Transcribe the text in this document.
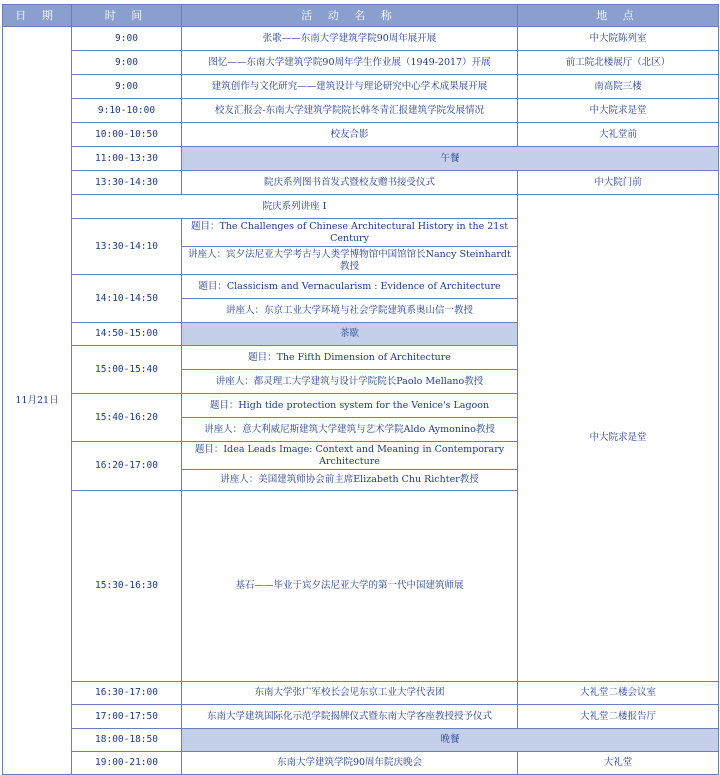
日 期	时 间	活 动 名 称	地 点	
11月21日	9:00	张歌——东南大学建筑学院90周年展开展	中大院陈列室	
	9:00	图忆——东南大学建筑学院90周年学生作业展（1949-2017）开展	前工院北楼展厅（北区）	
	9:00	建筑创作与文化研究——建筑设计与理论研究中心学术成果展开展	南高院三楼	
	9:10-10:00	校友汇报会-东南大学建筑学院院长韩冬青汇报建筑学院发展情况	中大院求是堂	
	10:00-10:50	校友合影	大礼堂前	
	11:00-13:30	午餐		
	13:30-14:30	院庆系列图书首发式暨校友赠书接受仪式	中大院门前	
	院庆系列讲座 I		中大院求是堂	
	13:30-14:10	题目：The Challenges of Chinese Architectural History in the 21st Century		
		讲座人：宾夕法尼亚大学考古与人类学博物馆中国馆馆长Nancy Steinhardt教授		
	14:10-14:50	题目：Classicism and Vernacularism : Evidence of Architecture		
		讲座人：东京工业大学环境与社会学院建筑系奥山信一教授		
	14:50-15:00	茶歇		
	15:00-15:40	题目：The Fifth Dimension of Architecture		
		讲座人：都灵理工大学建筑与设计学院院长Paolo Mellano教授		
	15:40-16:20	题目：High tide protection system for the Venice's Lagoon		
		讲座人：意大利威尼斯建筑大学建筑与艺术学院Aldo Aymonino教授		
	16:20-17:00	题目：Idea Leads Image: Context and Meaning in Contemporary Architecture		
		讲座人：美国建筑师协会前主席Elizabeth Chu Richter教授		
	15:30-16:30	基石——毕业于宾夕法尼亚大学的第一代中国建筑师展	
	16:30-17:00	东南大学张广军校长会见东京工业大学代表团	大礼堂二楼会议室	
	17:00-17:50	东南大学建筑国际化示范学院揭牌仪式暨东南大学客座教授授予仪式	大礼堂二楼报告厅	
	18:00-18:50	晚餐		
	19:00-21:00	东南大学建筑学院90周年院庆晚会	大礼堂	
